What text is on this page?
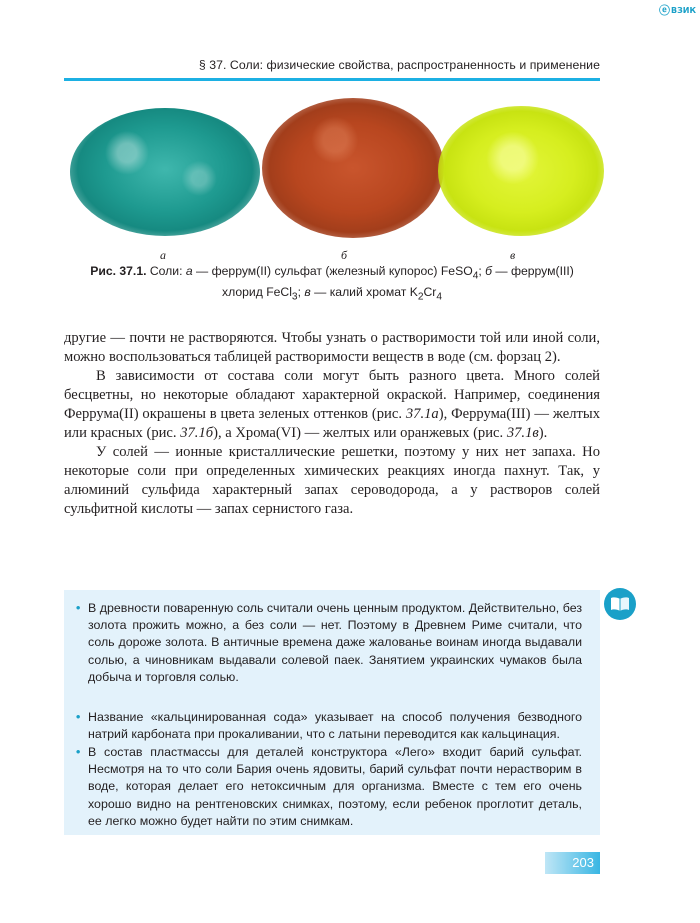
ⓔ ВЗИК
§ 37. Соли: физические свойства, распространенность и применение
а	б	в
Рис. 37.1. Соли: а — феррум(II) сульфат (железный купорос) FeSO$_4$; б — феррум(III)
хлорид FeCl$_3$; в — калий хромат $K_2Cr_4$

другие — почти не растворяются. Чтобы узнать о растворимости той или иной соли, можно воспользоваться таблицей растворимости веществ в воде (см. форзац 2).

В зависимости от состава соли могут быть разного цвета. Много солей бесцветны, но некоторые обладают характерной окраской. Например, соединения Феррума(II) окрашены в цвета зеленых оттенков (рис. 37.1а), Феррума(III) — желтых или красных (рис. 37.1б), а Хрома(VI) — желтых или оранжевых (рис. 37.1в).

У солей — ионные кристаллические решетки, поэтому у них нет запаха. Но некоторые соли при определенных химических реакциях иногда пахнут. Так, у алюминий сульфида характерный запах сероводорода, а у растворов солей сульфитной кислоты — запах сернистого газа.

• В древности поваренную соль считали очень ценным продуктом. Действительно, без золота прожить можно, а без соли — нет. Поэтому в Древнем Риме считали, что соль дороже золота. В античные времена даже жалованье воинам иногда выдавали солью, а чиновникам выдавали солевой паек. Занятием украинских чумаков была добыча и торговля солью.
• Название «кальцинированная сода» указывает на способ получения безводного натрий карбоната при прокаливании, что с латыни переводится как кальцинация.
• В состав пластмассы для деталей конструктора «Лего» входит барий сульфат. Несмотря на то что соли Бария очень ядовиты, барий сульфат почти нерастворим в воде, которая делает его нетоксичным для организма. Вместе с тем его очень хорошо видно на рентгеновских снимках, поэтому, если ребенок проглотит деталь, ее легко можно будет найти по этим снимкам.
203
